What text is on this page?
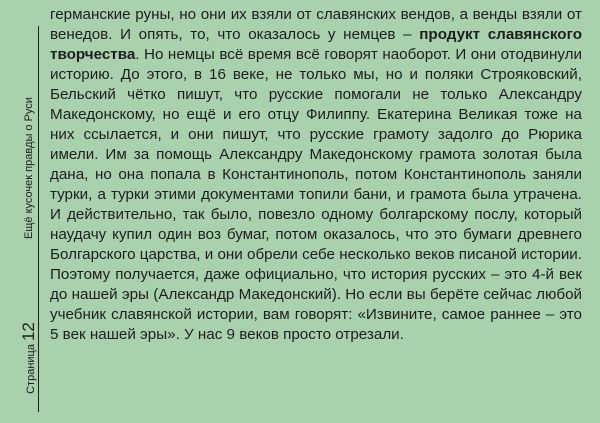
Ещё кусочек правды о Руси
Страница12

германские руны, но они их взяли от славянских вендов, а венды взяли от венедов. И опять, то, что оказалось у немцев – продукт славянского творчества. Но немцы всё время всё говорят наоборот. И они отодвинули историю. До этого, в 16 веке, не только мы, но и поляки Строяковский, Бельский чётко пишут, что русские помогали не только Александру Македонскому, но ещё и его отцу Филиппу. Екатерина Великая тоже на них ссылается, и они пишут, что русские грамоту задолго до Рюрика имели. Им за помощь Александру Македонскому грамота золотая была дана, но она попала в Константинополь, потом Константинополь заняли турки, а турки этими документами топили бани, и грамота была утрачена. И действительно, так было, повезло одному болгарскому послу, который наудачу купил один воз бумаг, потом оказалось, что это бумаги древнего Болгарского царства, и они обрели себе несколько веков писаной истории. Поэтому получается, даже официально, что история русских – это 4-й век до нашей эры (Александр Македонский). Но если вы берёте сейчас любой учебник славянской истории, вам говорят: «Извините, самое раннее – это 5 век нашей эры». У нас 9 веков просто отрезали.
